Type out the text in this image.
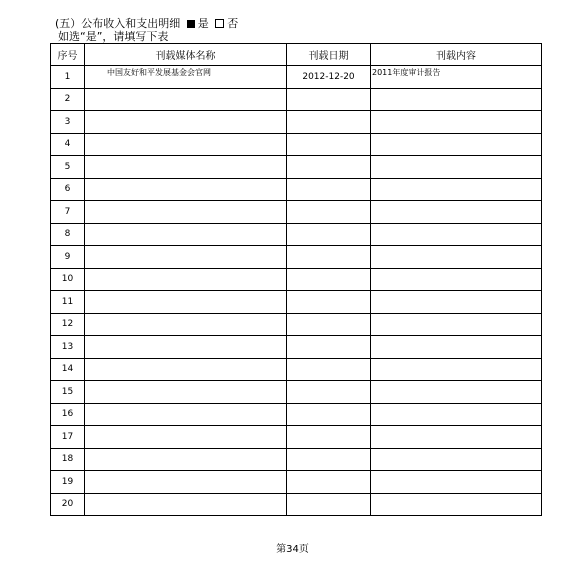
(五）公布收入和支出明细 是 否
如选“是”，请填写下表
序号	刊载媒体名称	刊载日期	刊载内容
1	中国友好和平发展基金会官网	2012-12-20	2011年度审计报告
2			
3			
4			
5			
6			
7			
8			
9			
10			
11			
12			
13			
14			
15			
16			
17			
18			
19			
20			
第34页
